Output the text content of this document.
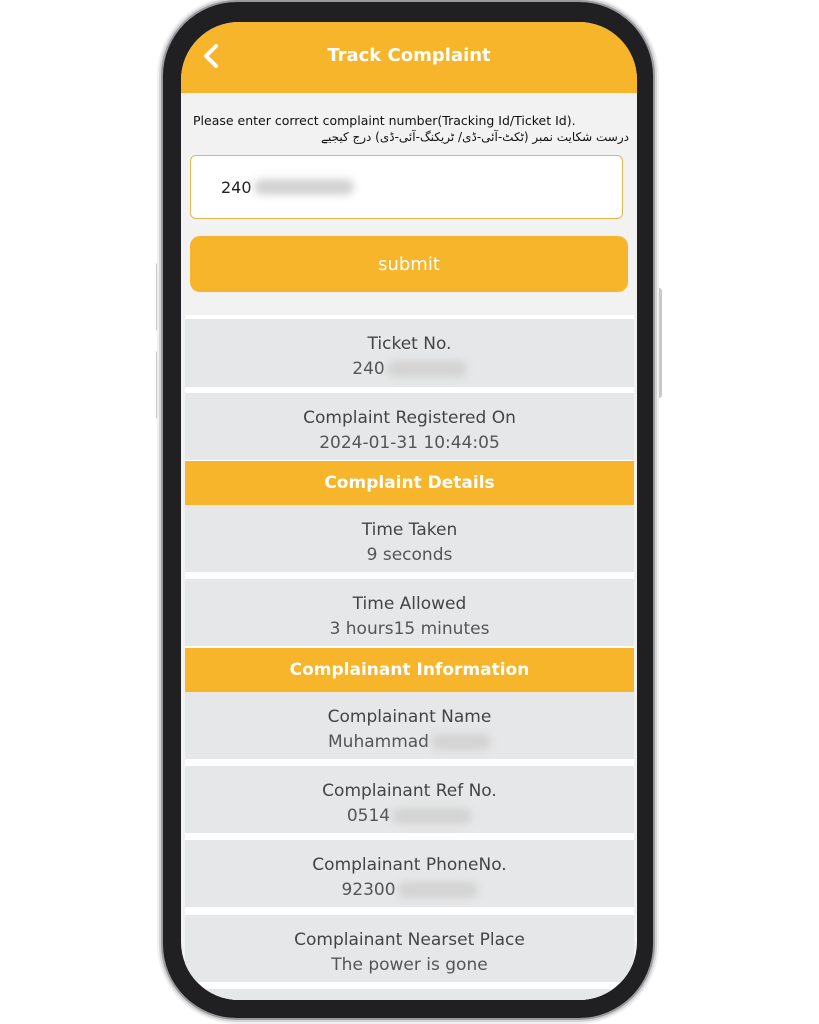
Track Complaint
Please enter correct complaint number(Tracking Id/Ticket Id).
درست شکایت نمبر (ٹکٹ-آئی-ڈی/ ٹریکنگ-آئی-ڈی) درج کیجیے
240
submit
Ticket No.
240
Complaint Registered On
2024-01-31 10:44:05
Complaint Details
Time Taken
9 seconds
Time Allowed
3 hours15 minutes
Complainant Information
Complainant Name
Muhammad
Complainant Ref No.
0514
Complainant PhoneNo.
92300
Complainant Nearset Place
The power is gone
